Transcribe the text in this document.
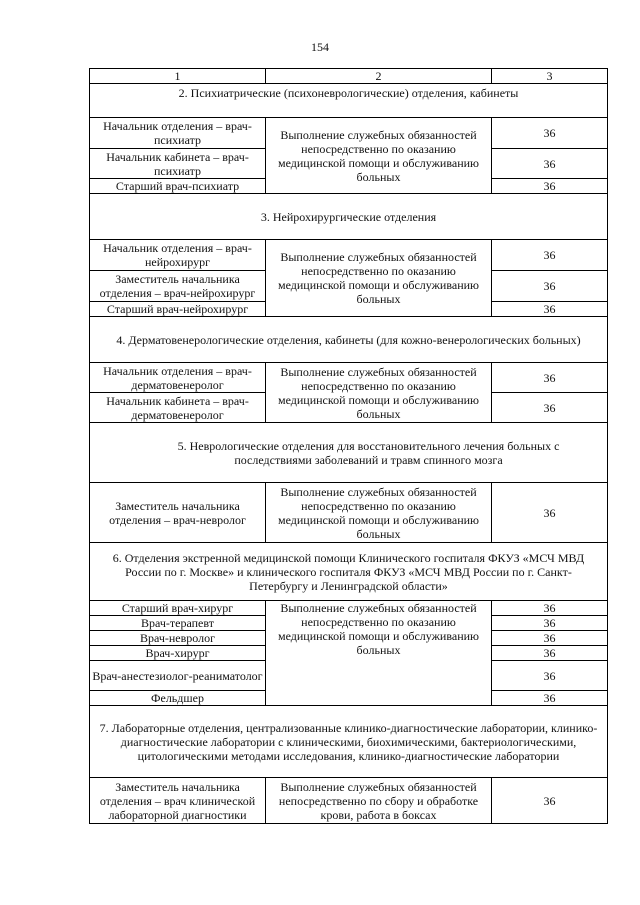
154
1	2	3
2. Психиатрические (психоневрологические) отделения, кабинеты		
Начальник отделения – врач-психиатр	Выполнение служебных обязанностей непосредственно по оказанию медицинской помощи и обслуживанию больных	36
Начальник кабинета – врач-психиатр		36
Старший врач-психиатр		36
3. Нейрохирургические отделения		
Начальник отделения – врач-нейрохирург	Выполнение служебных обязанностей непосредственно по оказанию медицинской помощи и обслуживанию больных	36
Заместитель начальника отделения – врач-нейрохирург		36
Старший врач-нейрохирург		36
4. Дерматовенерологические отделения, кабинеты (для кожно-венерологических больных)		
Начальник отделения – врач-дерматовенеролог	Выполнение служебных обязанностей непосредственно по оказанию медицинской помощи и обслуживанию больных	36
Начальник кабинета – врач-дерматовенеролог		36
5. Неврологические отделения для восстановительного лечения больных с последствиями заболеваний и травм спинного мозга		
Заместитель начальника отделения – врач-невролог	Выполнение служебных обязанностей непосредственно по оказанию медицинской помощи и обслуживанию больных	36
6. Отделения экстренной медицинской помощи Клинического госпиталя ФКУЗ «МСЧ МВД России по г. Москве» и клинического госпиталя ФКУЗ «МСЧ МВД России по г. Санкт-Петербургу и Ленинградской области»		
Старший врач-хирург	Выполнение служебных обязанностей непосредственно по оказанию медицинской помощи и обслуживанию больных	36
Врач-терапевт		36
Врач-невролог		36
Врач-хирург		36
Врач-анестезиолог-реаниматолог		36
Фельдшер		36
7. Лабораторные отделения, централизованные клинико-диагностические лаборатории, клинико-диагностические лаборатории с клиническими, биохимическими, бактериологическими, цитологическими методами исследования, клинико-диагностические лаборатории		
Заместитель начальника отделения – врач клинической лабораторной диагностики	Выполнение служебных обязанностей непосредственно по сбору и обработке крови, работа в боксах	36
